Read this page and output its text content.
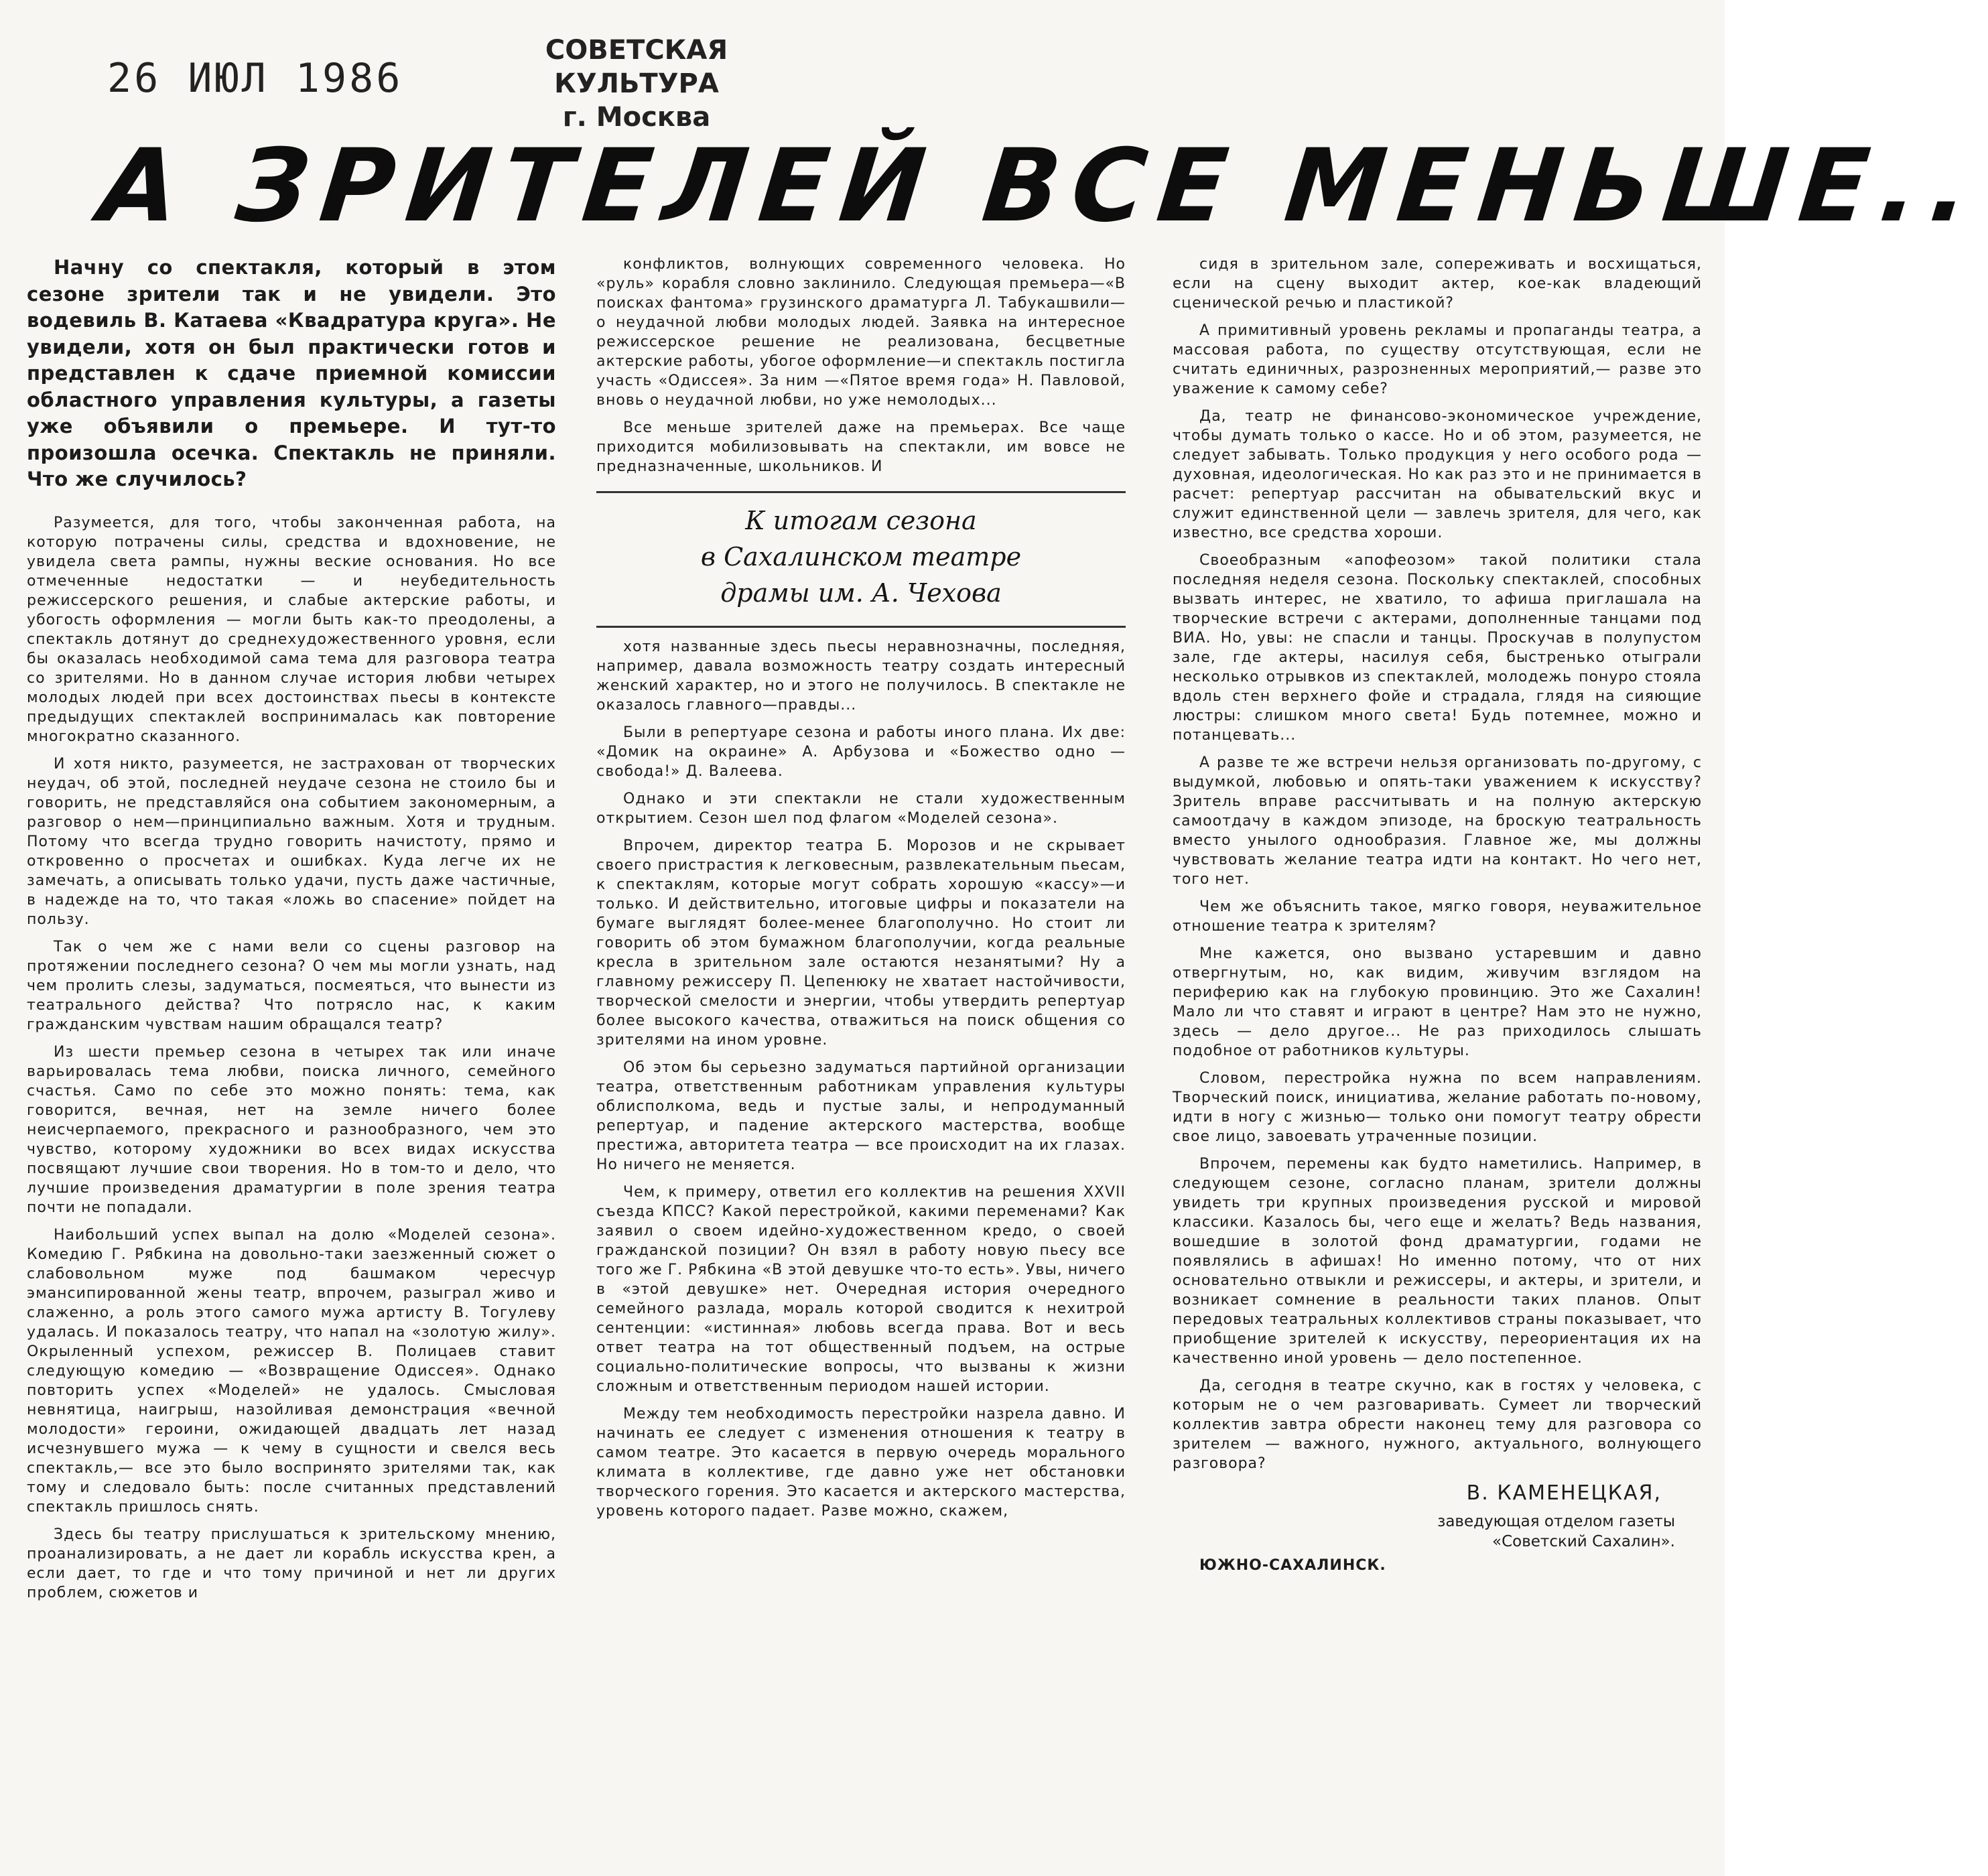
26 ИЮЛ 1986

СОВЕТСКАЯ КУЛЬТУРА
г. Москва
А ЗРИТЕЛЕЙ ВСЕ МЕНЬШЕ..

Начну со спектакля, который в этом сезоне зрители так и не увидели. Это водевиль В. Катаева «Квадратура круга». Не увидели, хотя он был практически готов и представлен к сдаче приемной комиссии областного управления культуры, а газеты уже объявили о премьере. И тут-то произошла осечка. Спектакль не приняли. Что же случилось?

Разумеется, для того, чтобы законченная работа, на которую потрачены силы, средства и вдохновение, не увидела света рампы, нужны веские основания. Но все отмеченные недостатки — и неубедительность режиссерского решения, и слабые актерские работы, и убогость оформления — могли быть как-то преодолены, а спектакль дотянут до среднехудожественного уровня, если бы оказалась необходимой сама тема для разговора театра со зрителями. Но в данном случае история любви четырех молодых людей при всех достоинствах пьесы в контексте предыдущих спектаклей воспринималась как повторение многократно сказанного.

И хотя никто, разумеется, не застрахован от творческих неудач, об этой, последней неудаче сезона не стоило бы и говорить, не представляйся она событием закономерным, а разговор о нем—принципиально важным. Хотя и трудным. Потому что всегда трудно говорить начистоту, прямо и откровенно о просчетах и ошибках. Куда легче их не замечать, а описывать только удачи, пусть даже частичные, в надежде на то, что такая «ложь во спасение» пойдет на пользу.

Так о чем же с нами вели со сцены разговор на протяжении последнего сезона? О чем мы могли узнать, над чем пролить слезы, задуматься, посмеяться, что вынести из театрального действа? Что потрясло нас, к каким гражданским чувствам нашим обращался театр?

Из шести премьер сезона в четырех так или иначе варьировалась тема любви, поиска личного, семейного счастья. Само по себе это можно понять: тема, как говорится, вечная, нет на земле ничего более неисчерпаемого, прекрасного и разнообразного, чем это чувство, которому художники во всех видах искусства посвящают лучшие свои творения. Но в том-то и дело, что лучшие произведения драматургии в поле зрения театра почти не попадали.

Наибольший успех выпал на долю «Моделей сезона». Комедию Г. Рябкина на довольно-таки заезженный сюжет о слабовольном муже под башмаком чересчур эмансипированной жены театр, впрочем, разыграл живо и слаженно, а роль этого самого мужа артисту В. Тогулеву удалась. И показалось театру, что напал на «золотую жилу». Окрыленный успехом, режиссер В. Полицаев ставит следующую комедию — «Возвращение Одиссея». Однако повторить успех «Моделей» не удалось. Смысловая невнятица, наигрыш, назойливая демонстрация «вечной молодости» героини, ожидающей двадцать лет назад исчезнувшего мужа — к чему в сущности и свелся весь спектакль,— все это было воспринято зрителями так, как тому и следовало быть: после считанных представлений спектакль пришлось снять.

Здесь бы театру прислушаться к зрительскому мнению, проанализировать, а не дает ли корабль искусства крен, а если дает, то где и что тому причиной и нет ли других проблем, сюжетов и

конфликтов, волнующих современного человека. Но «руль» корабля словно заклинило. Следующая премьера—«В поисках фантома» грузинского драматурга Л. Табукашвили—о неудачной любви молодых людей. Заявка на интересное режиссерское решение не реализована, бесцветные актерские работы, убогое оформление—и спектакль постигла участь «Одиссея». За ним —«Пятое время года» Н. Павловой, вновь о неудачной любви, но уже немолодых...

Все меньше зрителей даже на премьерах. Все чаще приходится мобилизовывать на спектакли, им вовсе не предназначенные, школьников. И

К итогам сезона
в Сахалинском театре
драмы им. А. Чехова

хотя названные здесь пьесы неравнозначны, последняя, например, давала возможность театру создать интересный женский характер, но и этого не получилось. В спектакле не оказалось главного—правды...

Были в репертуаре сезона и работы иного плана. Их две: «Домик на окраине» А. Арбузова и «Божество одно — свобода!» Д. Валеева.

Однако и эти спектакли не стали художественным открытием. Сезон шел под флагом «Моделей сезона».

Впрочем, директор театра Б. Морозов и не скрывает своего пристрастия к легковесным, развлекательным пьесам, к спектаклям, которые могут собрать хорошую «кассу»—и только. И действительно, итоговые цифры и показатели на бумаге выглядят более-менее благополучно. Но стоит ли говорить об этом бумажном благополучии, когда реальные кресла в зрительном зале остаются незанятыми? Ну а главному режиссеру П. Цепенюку не хватает настойчивости, творческой смелости и энергии, чтобы утвердить репертуар более высокого качества, отважиться на поиск общения со зрителями на ином уровне.

Об этом бы серьезно задуматься партийной организации театра, ответственным работникам управления культуры облисполкома, ведь и пустые залы, и непродуманный репертуар, и падение актерского мастерства, вообще престижа, авторитета театра — все происходит на их глазах. Но ничего не меняется.

Чем, к примеру, ответил его коллектив на решения XXVII съезда КПСС? Какой перестройкой, какими переменами? Как заявил о своем идейно-художественном кредо, о своей гражданской позиции? Он взял в работу новую пьесу все того же Г. Рябкина «В этой девушке что-то есть». Увы, ничего в «этой девушке» нет. Очередная история очередного семейного разлада, мораль которой сводится к нехитрой сентенции: «истинная» любовь всегда права. Вот и весь ответ театра на тот общественный подъем, на острые социально-политические вопросы, что вызваны к жизни сложным и ответственным периодом нашей истории.

Между тем необходимость перестройки назрела давно. И начинать ее следует с изменения отношения к театру в самом театре. Это касается в первую очередь морального климата в коллективе, где давно уже нет обстановки творческого горения. Это касается и актерского мастерства, уровень которого падает. Разве можно, скажем,

сидя в зрительном зале, сопереживать и восхищаться, если на сцену выходит актер, кое-как владеющий сценической речью и пластикой?

А примитивный уровень рекламы и пропаганды театра, а массовая работа, по существу отсутствующая, если не считать единичных, разрозненных мероприятий,— разве это уважение к самому себе?

Да, театр не финансово-экономическое учреждение, чтобы думать только о кассе. Но и об этом, разумеется, не следует забывать. Только продукция у него особого рода — духовная, идеологическая. Но как раз это и не принимается в расчет: репертуар рассчитан на обывательский вкус и служит единственной цели — завлечь зрителя, для чего, как известно, все средства хороши.

Своеобразным «апофеозом» такой политики стала последняя неделя сезона. Поскольку спектаклей, способных вызвать интерес, не хватило, то афиша приглашала на творческие встречи с актерами, дополненные танцами под ВИА. Но, увы: не спасли и танцы. Проскучав в полупустом зале, где актеры, насилуя себя, быстренько отыграли несколько отрывков из спектаклей, молодежь понуро стояла вдоль стен верхнего фойе и страдала, глядя на сияющие люстры: слишком много света! Будь потемнее, можно и потанцевать...

А разве те же встречи нельзя организовать по-другому, с выдумкой, любовью и опять-таки уважением к искусству? Зритель вправе рассчитывать и на полную актерскую самоотдачу в каждом эпизоде, на броскую театральность вместо унылого однообразия. Главное же, мы должны чувствовать желание театра идти на контакт. Но чего нет, того нет.

Чем же объяснить такое, мягко говоря, неуважительное отношение театра к зрителям?

Мне кажется, оно вызвано устаревшим и давно отвергнутым, но, как видим, живучим взглядом на периферию как на глубокую провинцию. Это же Сахалин! Мало ли что ставят и играют в центре? Нам это не нужно, здесь — дело другое... Не раз приходилось слышать подобное от работников культуры.

Словом, перестройка нужна по всем направлениям. Творческий поиск, инициатива, желание работать по-новому, идти в ногу с жизнью— только они помогут театру обрести свое лицо, завоевать утраченные позиции.

Впрочем, перемены как будто наметились. Например, в следующем сезоне, согласно планам, зрители должны увидеть три крупных произведения русской и мировой классики. Казалось бы, чего еще и желать? Ведь названия, вошедшие в золотой фонд драматургии, годами не появлялись в афишах! Но именно потому, что от них основательно отвыкли и режиссеры, и актеры, и зрители, и возникает сомнение в реальности таких планов. Опыт передовых театральных коллективов страны показывает, что приобщение зрителей к искусству, переориентация их на качественно иной уровень — дело постепенное.

Да, сегодня в театре скучно, как в гостях у человека, с которым не о чем разговаривать. Сумеет ли творческий коллектив завтра обрести наконец тему для разговора со зрителем — важного, нужного, актуального, волнующего разговора?

В. КАМЕНЕЦКАЯ,

заведующая отделом газеты
«Советский Сахалин».

ЮЖНО-САХАЛИНСК.
